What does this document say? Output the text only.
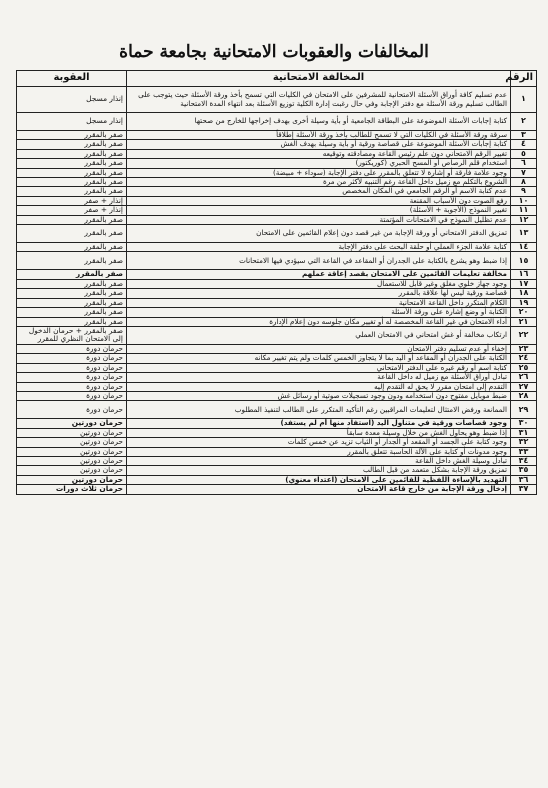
المخالفات والعقوبات الامتحانية بجامعة حماة
الرقم	المخالفة الامتحانية	العقوبة
١	عدم تسليم كافة أوراق الأسئلة الامتحانية للمشرفين على الامتحان في الكليات التي تسمح بأخذ ورقة الأسئلة حيث يتوجب على الطالب تسليم ورقة الأسئلة مع دفتر الإجابة وفي حال رغبت إدارة الكلية توزيع الأسئلة بعد انتهاء المدة الامتحانية	إنذار مسجل
٢	كتابة إجابات الأسئلة الموضوعة على البطاقة الجامعية أو بأية وسيلة أخرى بهدف إخراجها للخارج من صحتها	إنذار مسجل
٣	سرقة ورقة الأسئلة في الكليات التي لا تسمح للطالب بأخذ ورقة الأسئلة إطلاقاً	صفر بالمقرر
٤	كتابة إجابات الأسئلة الموضوعة على قصاصة ورقية أو بأية وسيلة بهدف الغش	صفر بالمقرر
٥	تغيير الرقم الامتحاني دون علم رئيس القاعة ومصادقته وتوقيعه	صفر بالمقرر
٦	استخدام قلم الرصاص أو المسح الحبري (كوريكتور)	صفر بالمقرر
٧	وجود علامة فارقة أو إشارة لا تتعلق بالمقرر على دفتر الإجابة (سوداء + مبيضة)	صفر بالمقرر
٨	الشروع بالتكلم مع زميل داخل القاعة رغم التنبيه لأكثر من مرة	صفر بالمقرر
٩	عدم كتابة الاسم أو الرقم الجامعي في المكان المخصص	صفر بالمقرر
١٠	رفع الصوت دون الأسباب المقنعة	إنذار + صفر
١١	تغيير النموذج (الأجوبة + الأسئلة)	إنذار + صفر
١٢	عدم تظليل النموذج في الامتحانات المؤتمتة	صفر بالمقرر
١٣	تمزيق الدفتر الامتحاني أو ورقة الإجابة من غير قصد دون إعلام القائمين على الامتحان	صفر بالمقرر
١٤	كتابة علامة الجزء العملي أو حلقة البحث على دفتر الإجابة	صفر بالمقرر
١٥	إذا ضبط وهو يشرع بالكتابة على الجدران أو المقاعد في القاعة التي سيؤدي فيها الامتحانات	صفر بالمقرر
١٦	مخالفة تعليمات القائمين على الامتحان بقصد إعاقة عملهم	صفر بالمقرر
١٧	وجود جهاز خلوي مغلق وغير قابل للاستعمال	صفر بالمقرر
١٨	قصاصة ورقية ليس لها علاقة بالمقرر	صفر بالمقرر
١٩	الكلام المتكرر داخل القاعة الامتحانية	صفر بالمقرر
٢٠	الكتابة أو وضع إشارة على ورقة الأسئلة	صفر بالمقرر
٢١	أداء الامتحان في غير القاعة المخصصة له أو تغيير مكان جلوسه دون إعلام الإدارة	صفر بالمقرر
٢٢	ارتكاب مخالفة أو غش امتحاني في الامتحان العملي	صفر بالمقرر + حرمان الدخول إلى الامتحان النظري للمقرر
٢٣	إخفاء أو عدم تسليم دفتر الامتحان	حرمان دورة
٢٤	الكتابة على الجدران أو المقاعد أو اليد بما لا يتجاوز الخمس كلمات ولم يتم تغيير مكانه	حرمان دورة
٢٥	كتابة اسم أو رقم غيره على الدفتر الامتحاني	حرمان دورة
٢٦	تبادل أوراق الأسئلة مع زميل له داخل القاعة	حرمان دورة
٢٧	التقدم إلى امتحان مقرر لا يحق له التقدم إليه	حرمان دورة
٢٨	ضبط موبايل مفتوح دون استخدامه ودون وجود تسجيلات صوتية أو رسائل غش	حرمان دورة
٢٩	الممانعة ورفض الامتثال لتعليمات المراقبين رغم التأكيد المتكرر على الطالب لتنفيذ المطلوب	حرمان دورة
٣٠	وجود قصاصات ورقية في متناول اليد (استفاد منها أم لم يستفد)	حرمان دورتين
٣١	إذا ضبط وهو يحاول الغش من خلال وسيلة معدة سابقاً	حرمان دورتين
٣٢	وجود كتابة على الجسد أو المقعد أو الجدار أو الثياب تزيد عن خمس كلمات	حرمان دورتين
٣٣	وجود مدونات أو كتابة على الآلة الحاسبة تتعلق بالمقرر	حرمان دورتين
٣٤	تبادل وسيلة الغش داخل القاعة	حرمان دورتين
٣٥	تمزيق ورقة الإجابة بشكل متعمد من قبل الطالب	حرمان دورتين
٣٦	التهديد بالإساءة اللفظية للقائمين على الامتحان (اعتداء معنوي)	حرمان دورتين
٣٧	إدخال ورقة الإجابة من خارج قاعة الامتحان	حرمان ثلاث دورات
